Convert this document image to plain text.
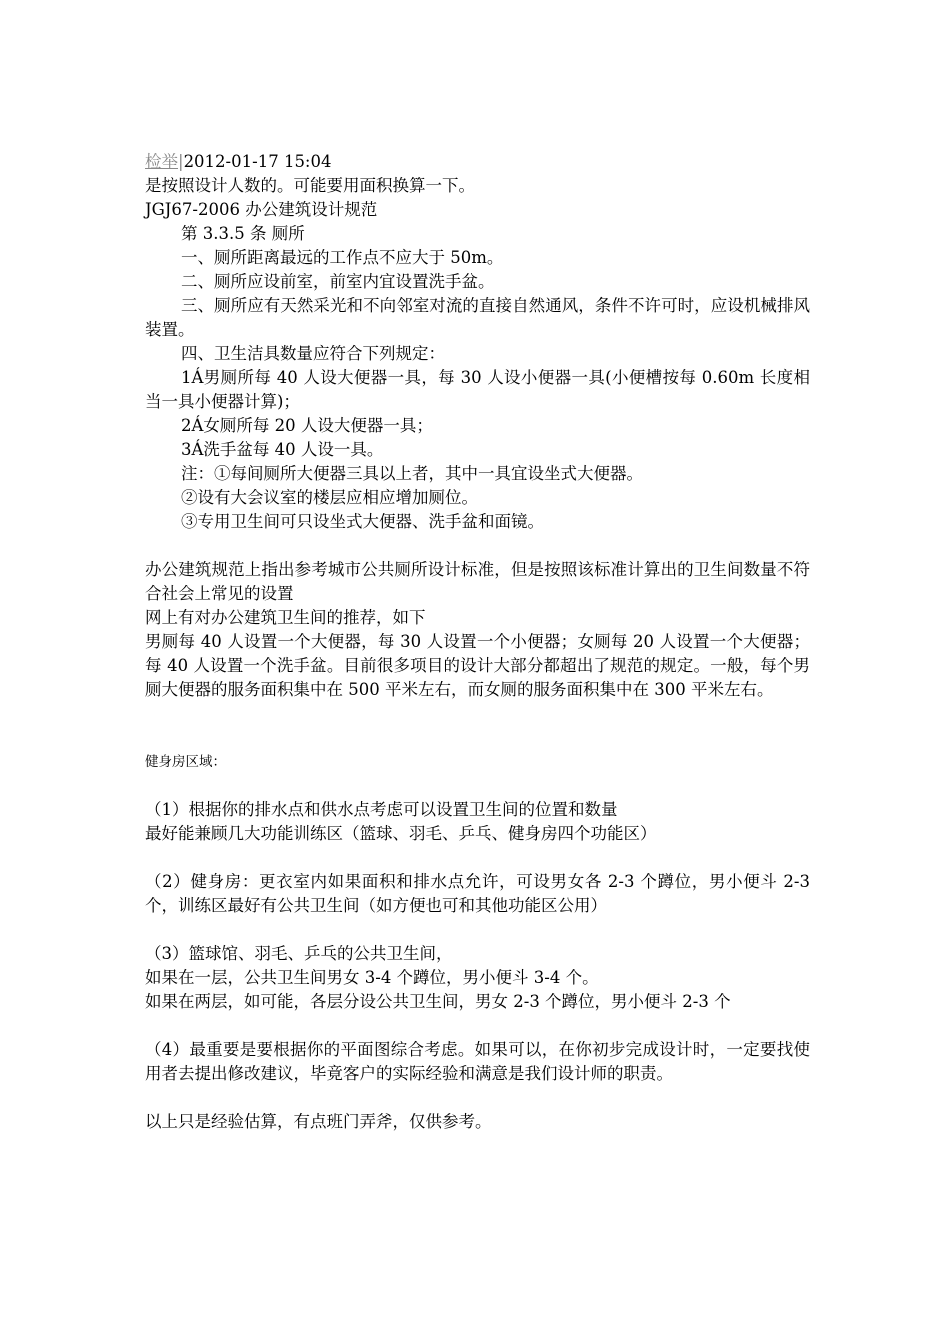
检举|2012-01-17 15:04
是按照设计人数的。可能要用面积换算一下。
JGJ67-2006 办公建筑设计规范
第 3.3.5 条 厕所
一、厕所距离最远的工作点不应大于 50m。
二、厕所应设前室，前室内宜设置洗手盆。
三、厕所应有天然采光和不向邻室对流的直接自然通风，条件不许可时，应设机械排风装置。
四、卫生洁具数量应符合下列规定：
1Á男厕所每 40 人设大便器一具，每 30 人设小便器一具(小便槽按每 0.60m 长度相当一具小便器计算)；
2Á女厕所每 20 人设大便器一具；
3Á洗手盆每 40 人设一具。
注：①每间厕所大便器三具以上者，其中一具宜设坐式大便器。
②设有大会议室的楼层应相应增加厕位。
③专用卫生间可只设坐式大便器、洗手盆和面镜。
办公建筑规范上指出参考城市公共厕所设计标准，但是按照该标准计算出的卫生间数量不符合社会上常见的设置
网上有对办公建筑卫生间的推荐，如下
男厕每 40 人设置一个大便器，每 30 人设置一个小便器；女厕每 20 人设置一个大便器；每 40 人设置一个洗手盆。目前很多项目的设计大部分都超出了规范的规定。一般，每个男厕大便器的服务面积集中在 500 平米左右，而女厕的服务面积集中在 300 平米左右。
健身房区域：
（1）根据你的排水点和供水点考虑可以设置卫生间的位置和数量
最好能兼顾几大功能训练区（篮球、羽毛、乒乓、健身房四个功能区）
（2）健身房：更衣室内如果面积和排水点允许，可设男女各 2-3 个蹲位，男小便斗 2-3 个，训练区最好有公共卫生间（如方便也可和其他功能区公用）
（3）篮球馆、羽毛、乒乓的公共卫生间，
如果在一层，公共卫生间男女 3-4 个蹲位，男小便斗 3-4 个。
如果在两层，如可能，各层分设公共卫生间，男女 2-3 个蹲位，男小便斗 2-3 个
（4）最重要是要根据你的平面图综合考虑。如果可以，在你初步完成设计时，一定要找使用者去提出修改建议，毕竟客户的实际经验和满意是我们设计师的职责。
以上只是经验估算，有点班门弄斧，仅供参考。
